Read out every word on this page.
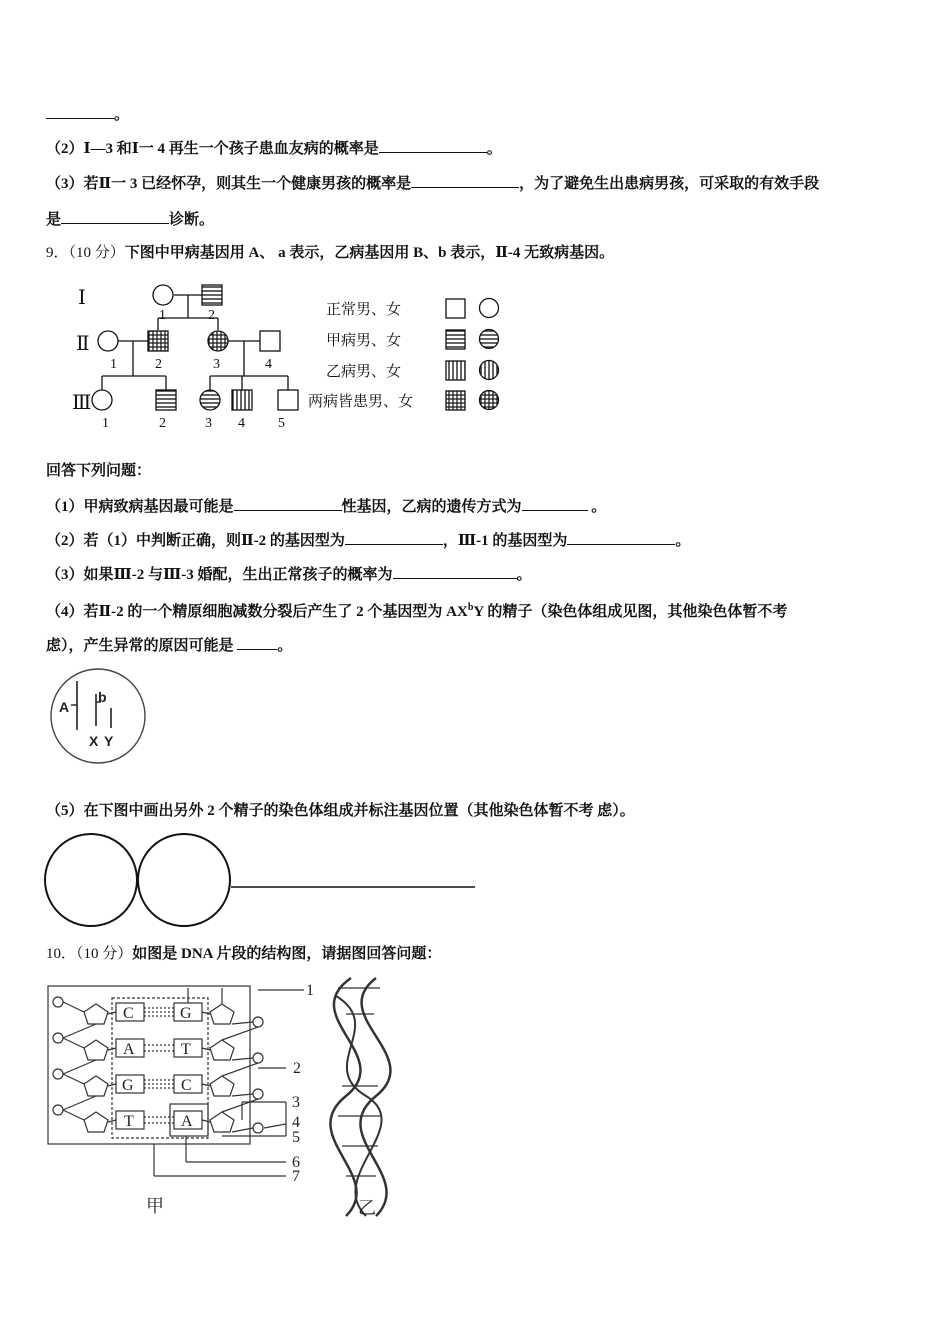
。
（2）Ⅰ—3 和Ⅰ一 4 再生一个孩子患血友病的概率是	。
（3）若Ⅱ一 3 已经怀孕，则其生一个健康男孩的概率是	，为了避免生出患病男孩，可采取的有效手段
是	诊断。
9．（10 分）下图中甲病基因用 A、 a 表示，乙病基因用 B、b 表示，Ⅱ-4 无致病基因。
Ⅰ
Ⅱ
Ⅲ
1	2
1	2	3	4
1	2	3 4 5
正常男、女
甲病男、女
乙病男、女
两病皆患男、女
回答下列问题：
（1）甲病致病基因最可能是	性基因，乙病的遗传方式为	。
（2）若（1）中判断正确，则Ⅱ-2 的基因型为	，Ⅲ-1 的基因型为	。
（3）如果Ⅲ-2 与Ⅲ-3 婚配，生出正常孩子的概率为	。
（4）若Ⅱ-2 的一个精原细胞减数分裂后产生了 2 个基因型为 $AX^bY$ 的精子（染色体组成见图，其他染色体暂不考
虑），产生异常的原因可能是	。
A
b
X Y
（5）在下图中画出另外 2 个精子的染色体组成并标注基因位置（其他染色体暂不考 虑）。
10．（10 分）如图是 DNA 片段的结构图，请据图回答问题：
C	G
A	T
G	C
T	A
1
2
3
4
5
6
7
甲	乙
